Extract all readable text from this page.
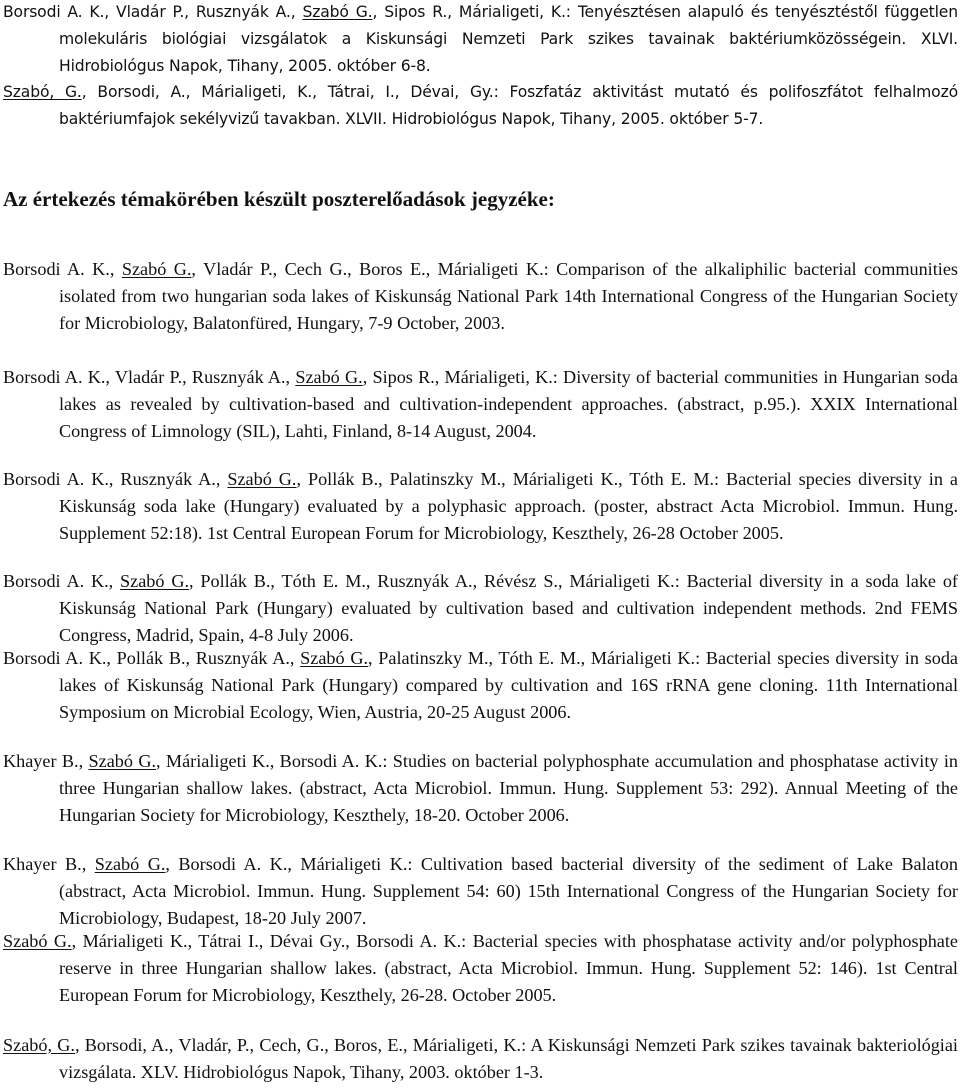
Borsodi A. K., Vladár P., Rusznyák A., Szabó G., Sipos R., Márialigeti, K.: Tenyésztésen alapuló és tenyésztéstől független molekuláris biológiai vizsgálatok a Kiskunsági Nemzeti Park szikes tavainak baktériumközösségein. XLVI. Hidrobiológus Napok, Tihany, 2005. október 6-8.

Szabó, G., Borsodi, A., Márialigeti, K., Tátrai, I., Dévai, Gy.: Foszfatáz aktivitást mutató és polifoszfátot felhalmozó baktériumfajok sekélyvizű tavakban. XLVII. Hidrobiológus Napok, Tihany, 2005. október 5-7.

Az értekezés témakörében készült poszterelőadások jegyzéke:

Borsodi A. K., Szabó G., Vladár P., Cech G., Boros E., Márialigeti K.: Comparison of the alkaliphilic bacterial communities isolated from two hungarian soda lakes of Kiskunság National Park 14th International Congress of the Hungarian Society for Microbiology, Balatonfüred, Hungary, 7-9 October, 2003.

Borsodi A. K., Vladár P., Rusznyák A., Szabó G., Sipos R., Márialigeti, K.: Diversity of bacterial communities in Hungarian soda lakes as revealed by cultivation-based and cultivation-independent approaches. (abstract, p.95.). XXIX International Congress of Limnology (SIL), Lahti, Finland, 8-14 August, 2004.

Borsodi A. K., Rusznyák A., Szabó G., Pollák B., Palatinszky M., Márialigeti K., Tóth E. M.: Bacterial species diversity in a Kiskunság soda lake (Hungary) evaluated by a polyphasic approach. (poster, abstract Acta Microbiol. Immun. Hung. Supplement 52:18). 1st Central European Forum for Microbiology, Keszthely, 26-28 October 2005.

Borsodi A. K., Szabó G., Pollák B., Tóth E. M., Rusznyák A., Révész S., Márialigeti K.: Bacterial diversity in a soda lake of Kiskunság National Park (Hungary) evaluated by cultivation based and cultivation independent methods. 2nd FEMS Congress, Madrid, Spain, 4-8 July 2006.

Borsodi A. K., Pollák B., Rusznyák A., Szabó G., Palatinszky M., Tóth E. M., Márialigeti K.: Bacterial species diversity in soda lakes of Kiskunság National Park (Hungary) compared by cultivation and 16S rRNA gene cloning. 11th International Symposium on Microbial Ecology, Wien, Austria, 20-25 August 2006.

Khayer B., Szabó G., Márialigeti K., Borsodi A. K.: Studies on bacterial polyphosphate accumulation and phosphatase activity in three Hungarian shallow lakes. (abstract, Acta Microbiol. Immun. Hung. Supplement 53: 292). Annual Meeting of the Hungarian Society for Microbiology, Keszthely, 18-20. October 2006.

Khayer B., Szabó G., Borsodi A. K., Márialigeti K.: Cultivation based bacterial diversity of the sediment of Lake Balaton (abstract, Acta Microbiol. Immun. Hung. Supplement 54: 60) 15th International Congress of the Hungarian Society for Microbiology, Budapest, 18-20 July 2007.

Szabó G., Márialigeti K., Tátrai I., Dévai Gy., Borsodi A. K.: Bacterial species with phosphatase activity and/or polyphosphate reserve in three Hungarian shallow lakes. (abstract, Acta Microbiol. Immun. Hung. Supplement 52: 146). 1st Central European Forum for Microbiology, Keszthely, 26-28. October 2005.

Szabó, G., Borsodi, A., Vladár, P., Cech, G., Boros, E., Márialigeti, K.: A Kiskunsági Nemzeti Park szikes tavainak bakteriológiai vizsgálata. XLV. Hidrobiológus Napok, Tihany, 2003. október 1-3.
